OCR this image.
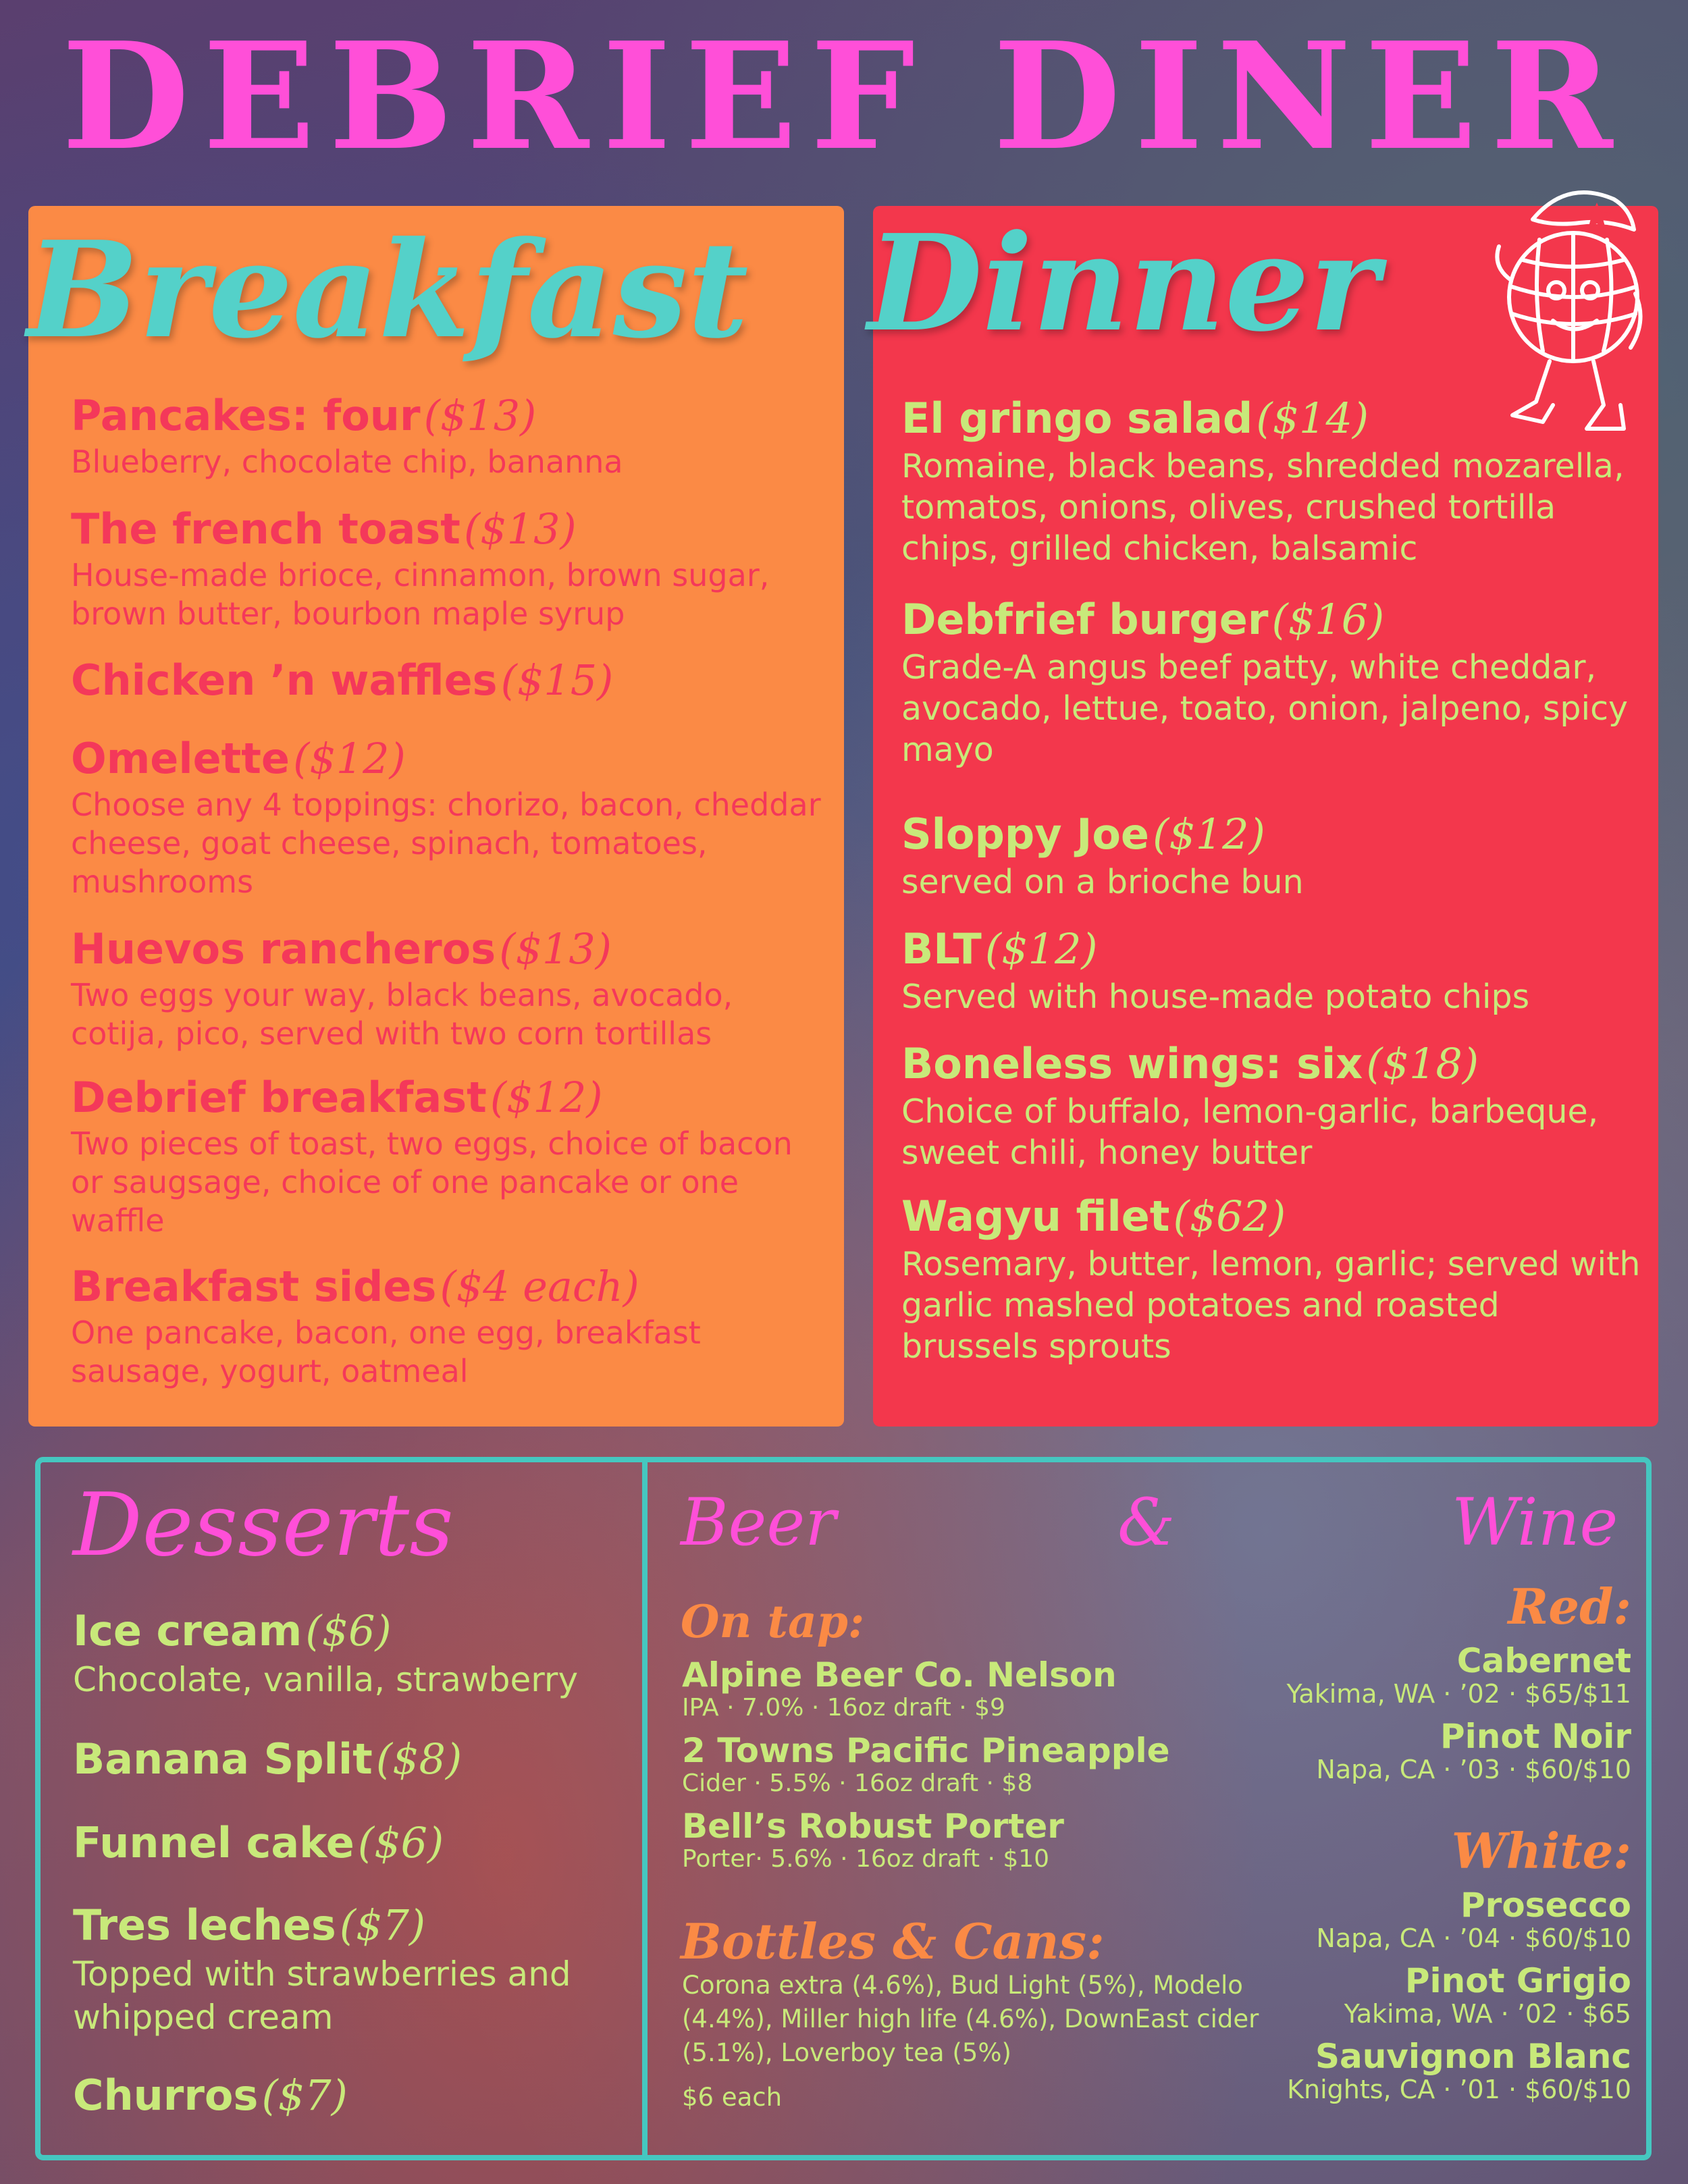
DEBRIEF DINER
Breakfast
Pancakes: four ($13)
Blueberry, chocolate chip, bananna
The french toast ($13)
House-made brioce, cinnamon, brown sugar, brown butter, bourbon maple syrup
Chicken ’n waffles ($15)
Omelette ($12)
Choose any 4 toppings: chorizo, bacon, cheddar cheese, goat cheese, spinach, tomatoes, mushrooms
Huevos rancheros ($13)
Two eggs your way, black beans, avocado, cotija, pico, served with two corn tortillas
Debrief breakfast ($12)
Two pieces of toast, two eggs, choice of bacon or saugsage, choice of one pancake or one waffle
Breakfast sides ($4 each)
One pancake, bacon, one egg, breakfast sausage, yogurt, oatmeal
Dinner
El gringo salad ($14)
Romaine, black beans, shredded mozarella, tomatos, onions, olives, crushed tortilla chips, grilled chicken, balsamic
Debfrief burger ($16)
Grade-A angus beef patty, white cheddar, avocado, lettue, toato, onion, jalpeno, spicy mayo
Sloppy Joe ($12)
served on a brioche bun
BLT ($12)
Served with house-made potato chips
Boneless wings: six ($18)
Choice of buffalo, lemon-garlic, barbeque, sweet chili, honey butter
Wagyu filet ($62)
Rosemary, butter, lemon, garlic; served with garlic mashed potatoes and roasted brussels sprouts
Desserts
Ice cream ($6)
Chocolate, vanilla, strawberry
Banana Split ($8)
Funnel cake ($6)
Tres leches ($7)
Topped with strawberries and whipped cream
Churros ($7)
Beer	&	Wine
On tap:
Alpine Beer Co. Nelson
IPA · 7.0% · 16oz draft · $9
2 Towns Pacific Pineapple
Cider · 5.5% · 16oz draft · $8
Bell’s Robust Porter
Porter· 5.6% · 16oz draft · $10
Bottles & Cans:
Corona extra (4.6%), Bud Light (5%), Modelo (4.4%), Miller high life (4.6%), DownEast cider (5.1%), Loverboy tea (5%)
$6 each
Red:
Cabernet
Yakima, WA · ’02 · $65/$11
Pinot Noir
Napa, CA · ’03 · $60/$10
White:
Prosecco
Napa, CA · ’04 · $60/$10
Pinot Grigio
Yakima, WA · ’02 · $65
Sauvignon Blanc
Knights, CA · ’01 · $60/$10
